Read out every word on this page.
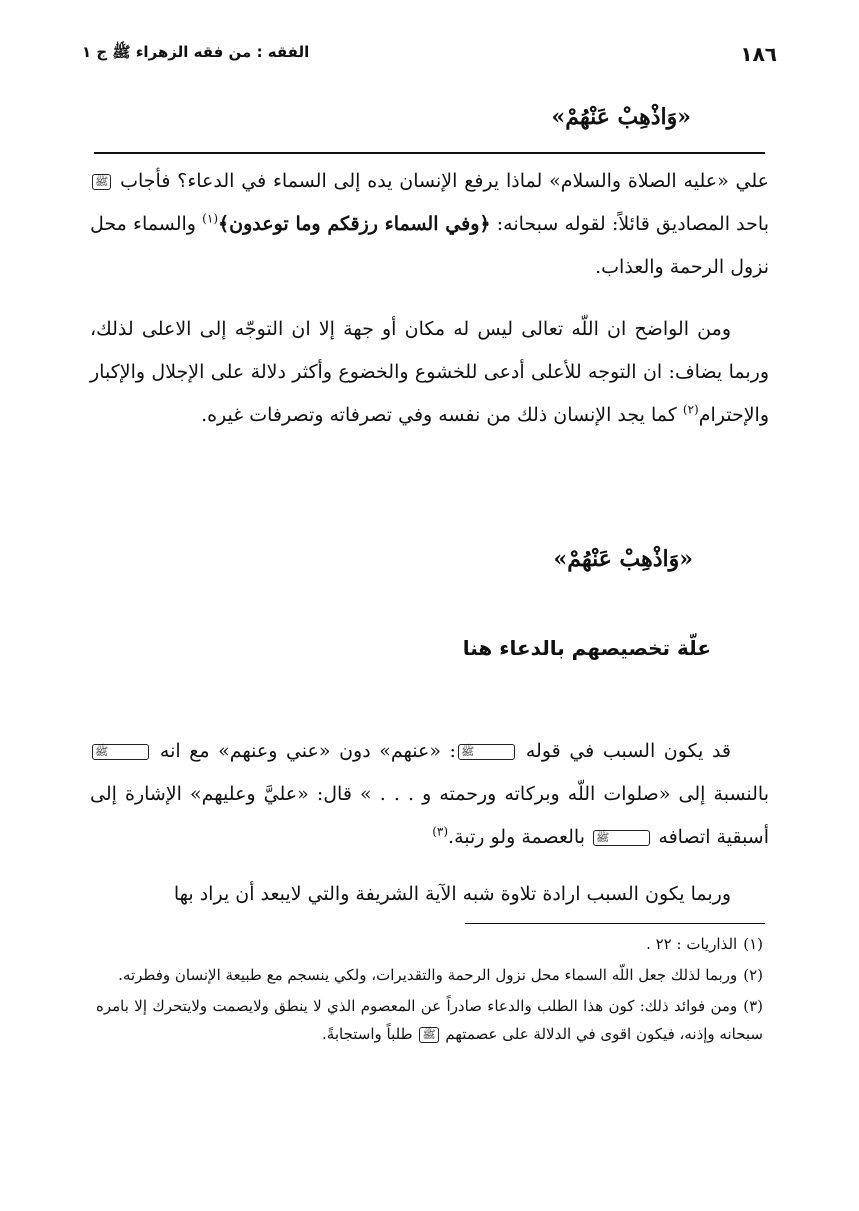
١٨٦
الفقه : من فقه الزهراء ﷺ ج ١
«وَاذْهِبْ عَنْهُمْ»

علي «عليه الصلاة والسلام» لماذا يرفع الإنسان يده إلى السماء في الدعاء؟ فأجاب ﷺ باحد المصاديق قائلاً: لقوله سبحانه: ﴿وفي السماء رزقكم وما توعدون﴾$^{(١)}$ والسماء محل نزول الرحمة والعذاب.

ومن الواضح ان اللّه تعالى ليس له مكان أو جهة إلا ان التوجّه إلى الاعلى لذلك، وربما يضاف: ان التوجه للأعلى أدعى للخشوع والخضوع وأكثر دلالة على الإجلال والإكبار والإحترام$^{(٢)}$ كما يجد الإنسان ذلك من نفسه وفي تصرفاته وتصرفات غيره.

«وَاذْهِبْ عَنْهُمْ»
علّة تخصيصهم بالدعاء هنا

قد يكون السبب في قوله ﷺ: «عنهم» دون «عني وعنهم» مع انه ﷺ بالنسبة إلى «صلوات اللّه وبركاته ورحمته و . . . » قال: «عليَّ وعليهم» الإشارة إلى أسبقية اتصافه ﷺ بالعصمة ولو رتبة.$^{(٣)}$

وربما يكون السبب ارادة تلاوة شبه الآية الشريفة والتي لايبعد أن يراد بها

(١)الذاريات : ٢٢ .

(٢)وربما لذلك جعل اللّه السماء محل نزول الرحمة والتقديرات، ولكي ينسجم مع طبيعة الإنسان وفطرته.

(٣)ومن فوائد ذلك: كون هذا الطلب والدعاء صادراً عن المعصوم الذي لا ينطق ولايصمت ولايتحرك إلا بامره سبحانه وإذنه، فيكون اقوى في الدلالة على عصمتهم ﷺ طلباً واستجابةً.
